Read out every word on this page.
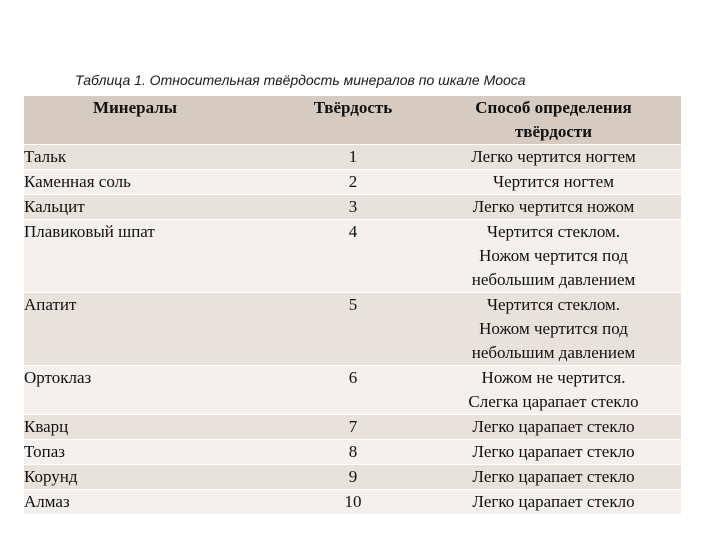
Таблица 1. Относительная твёрдость минералов по шкале Мооса
Минералы	Твёрдость	Способ определения
твёрдости

Тальк	1	Легко чертится ногтем

Каменная соль	2	Чертится ногтем

Кальцит	3	Легко чертится ножом

Плавиковый шпат	4	Чертится стеклом.
Ножом чертится под
небольшим давлением

Апатит	5	Чертится стеклом.
Ножом чертится под
небольшим давлением

Ортоклаз	6	Ножом не чертится.
Слегка царапает стекло

Кварц	7	Легко царапает стекло

Топаз	8	Легко царапает стекло

Корунд	9	Легко царапает стекло

Алмаз	10	Легко царапает стекло
